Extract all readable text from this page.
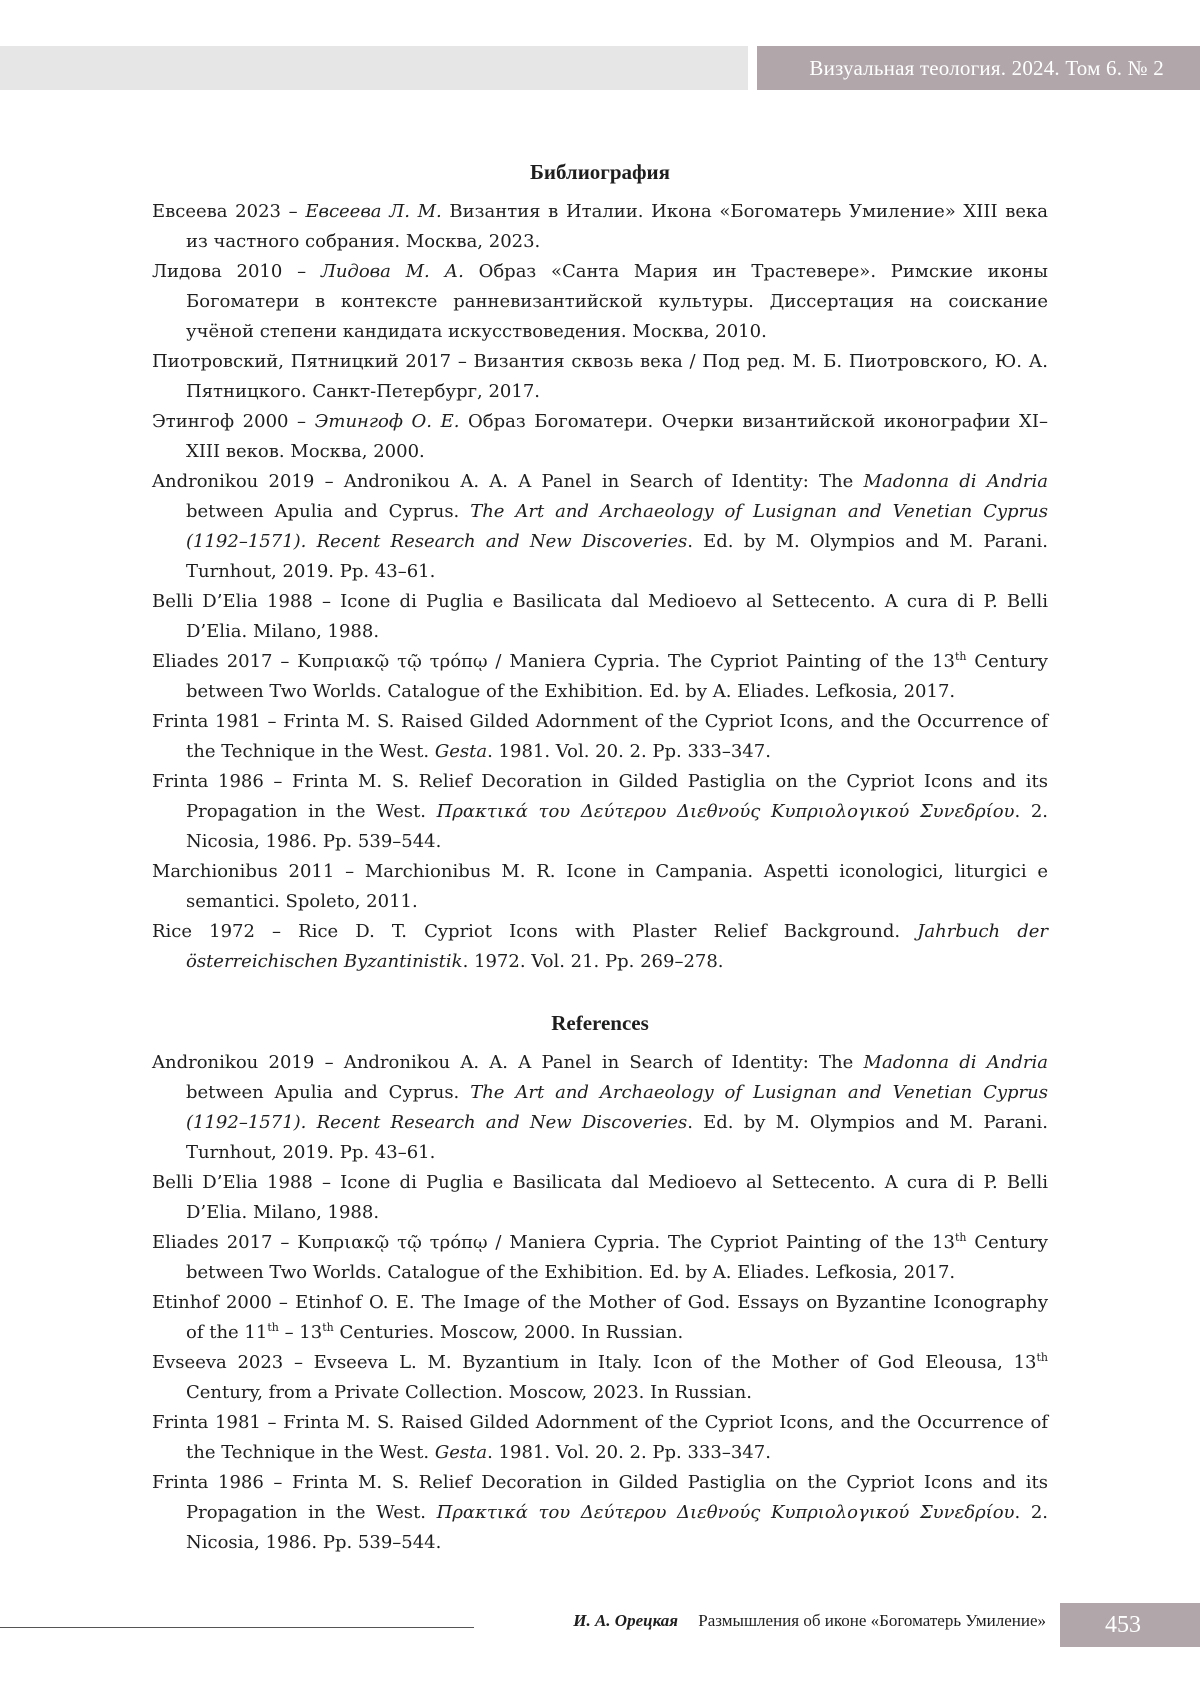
Визуальная теология. 2024. Том 6. № 2
Библиография

Евсеева 2023 – Евсеева Л. М. Византия в Италии. Икона «Богоматерь Умиление» XIII века из частного собрания. Москва, 2023.

Лидова 2010 – Лидова М. А. Образ «Санта Мария ин Трастевере». Римские иконы Богоматери в контексте ранневизантийской культуры. Диссертация на соискание учёной степени кандидата искусствоведения. Москва, 2010.

Пиотровский, Пятницкий 2017 – Византия сквозь века / Под ред. М. Б. Пиотровского, Ю. А. Пятницкого. Санкт-Петербург, 2017.

Этингоф 2000 – Этингоф О. Е. Образ Богоматери. Очерки византийской иконографии XI–XIII веков. Москва, 2000.

Andronikou 2019 – Andronikou A. A. A Panel in Search of Identity: The Madonna di Andria between Apulia and Cyprus. The Art and Archaeology of Lusignan and Venetian Cyprus (1192–1571). Recent Research and New Discoveries. Ed. by M. Olympios and M. Parani. Turnhout, 2019. Pp. 43–61.

Belli D’Elia 1988 – Icone di Puglia e Basilicata dal Medioevo al Settecento. A cura di P. Belli D’Elia. Milano, 1988.

Eliades 2017 – Κυπριακῷ τῷ τρόπῳ / Maniera Cypria. The Cypriot Painting of the 13th Century between Two Worlds. Catalogue of the Exhibition. Ed. by A. Eliades. Lefkosia, 2017.

Frinta 1981 – Frinta M. S. Raised Gilded Adornment of the Cypriot Icons, and the Occurrence of the Technique in the West. Gesta. 1981. Vol. 20. 2. Pp. 333–347.

Frinta 1986 – Frinta M. S. Relief Decoration in Gilded Pastiglia on the Cypriot Icons and its Propagation in the West. Πρακτικά του Δεύτερου Διεθνούς Κυπριολογικού Συνεδρίου. 2. Nicosia, 1986. Pp. 539–544.

Marchionibus 2011 – Marchionibus M. R. Icone in Campania. Aspetti iconologici, liturgici e semantici. Spoleto, 2011.

Rice 1972 – Rice D. T. Cypriot Icons with Plaster Relief Background. Jahrbuch der österreichischen Byzantinistik. 1972. Vol. 21. Pp. 269–278.

References

Andronikou 2019 – Andronikou A. A. A Panel in Search of Identity: The Madonna di Andria between Apulia and Cyprus. The Art and Archaeology of Lusignan and Venetian Cyprus (1192–1571). Recent Research and New Discoveries. Ed. by M. Olympios and M. Parani. Turnhout, 2019. Pp. 43–61.

Belli D’Elia 1988 – Icone di Puglia e Basilicata dal Medioevo al Settecento. A cura di P. Belli D’Elia. Milano, 1988.

Eliades 2017 – Κυπριακῷ τῷ τρόπῳ / Maniera Cypria. The Cypriot Painting of the 13th Century between Two Worlds. Catalogue of the Exhibition. Ed. by A. Eliades. Lefkosia, 2017.

Etinhof 2000 – Etinhof O. E. The Image of the Mother of God. Essays on Byzantine Iconography of the 11th – 13th Centuries. Moscow, 2000. In Russian.

Evseeva 2023 – Evseeva L. M. Byzantium in Italy. Icon of the Mother of God Eleousa, 13th Century, from a Private Collection. Moscow, 2023. In Russian.

Frinta 1981 – Frinta M. S. Raised Gilded Adornment of the Cypriot Icons, and the Occurrence of the Technique in the West. Gesta. 1981. Vol. 20. 2. Pp. 333–347.

Frinta 1986 – Frinta M. S. Relief Decoration in Gilded Pastiglia on the Cypriot Icons and its Propagation in the West. Πρακτικά του Δεύτερου Διεθνούς Κυπριολογικού Συνεδρίου. 2. Nicosia, 1986. Pp. 539–544.

И. А. Орецкая Размышления об иконе «Богоматерь Умиление» 453
